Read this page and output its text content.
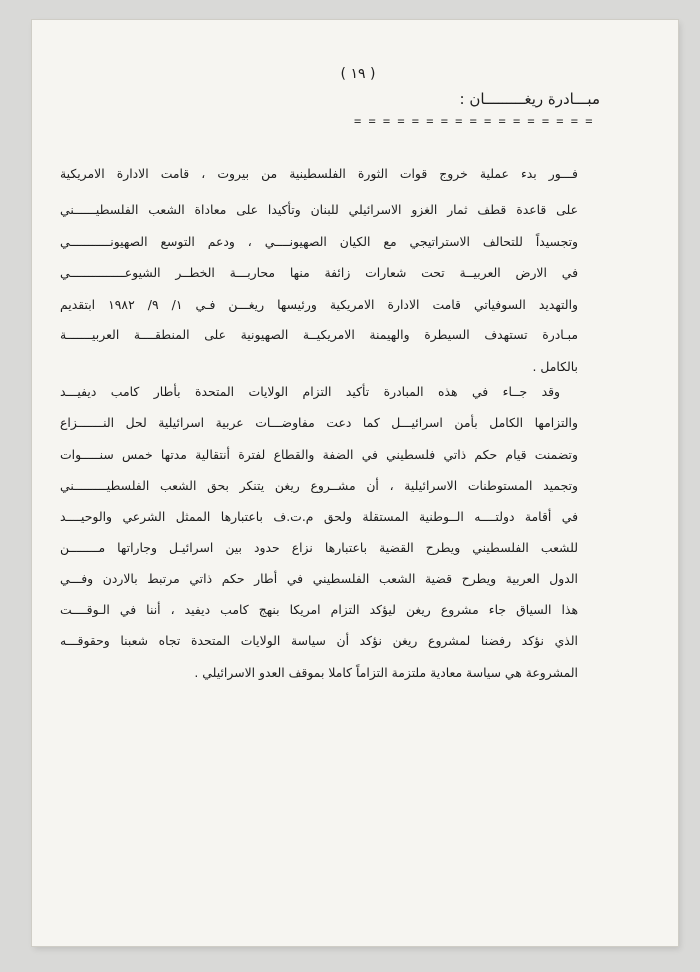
( ١٩ )
مبـــادرة ريغـــــــــان :
= = = = = = = = = = = = = = = = =
فـــور بدء عملية خروج قوات الثورة الفلسطينية من بيروت ، قامت الادارة الامريكية
على قاعدة قطف ثمار الغزو الاسرائيلي للبنان وتأكيدا على معاداة الشعب الفلسطيــــــني
وتجسيداً للتحالف الاستراتيجي مع الكيان الصهيونــــي ، ودعم التوسع الصهيونـــــــــــي
في الارض العربيــة تحت شعارات زائفة منها محاربـــة الخطــر الشيوعـــــــــــــــي
والتهديد السوفياتي قامت الادارة الامريكية ورئيسها ريغـــن فـي ١/ ٩/ ١٩٨٢ ابتقديم
مبـادرة تستهدف السيطرة والهيمنة الامريكيــة الصهيونية على المنطقــــة العربيـــــــة
بالكامل .
وقد جــاء في هذه المبادرة تأكيد التزام الولايات المتحدة بأطار كامب ديفيـــد
والتزامها الكامل بأمن اسرائيـــل كما دعت مفاوضـــات عربية اسرائيلية لحل النـــــــزاع
وتضمنت قيام حكم ذاتي فلسطيني في الضفة والقطاع لفترة أنتقالية مدتها خمس سنـــــوات
وتجميد المستوطنات الاسرائيلية ، أن مشــروع ريغن يتنكر بحق الشعب الفلسطيـــــــــني
في أقامة دولتــــه الــوطنية المستقلة ولحق م.ت.ف باعتبارها الممثل الشرعي والوحيــــد
للشعب الفلسطيني ويطرح القضية باعتبارها نزاع حدود بين اسرائيـل وجاراتها مــــــــن
الدول العربية ويطرح قضية الشعب الفلسطيني في أطار حكم ذاتي مرتبط بالاردن وفـــي
هذا السياق جاء مشروع ريغن ليؤكد التزام امريكا بنهج كامب ديفيد ، أننا في الـوقــــت
الذي نؤكد رفضنا لمشروع ريغن نؤكد أن سياسة الولايات المتحدة تجاه شعبنا وحقوقـــه
المشروعة هي سياسة معادية ملتزمة التزاماً كاملا بموقف العدو الاسرائيلي .
